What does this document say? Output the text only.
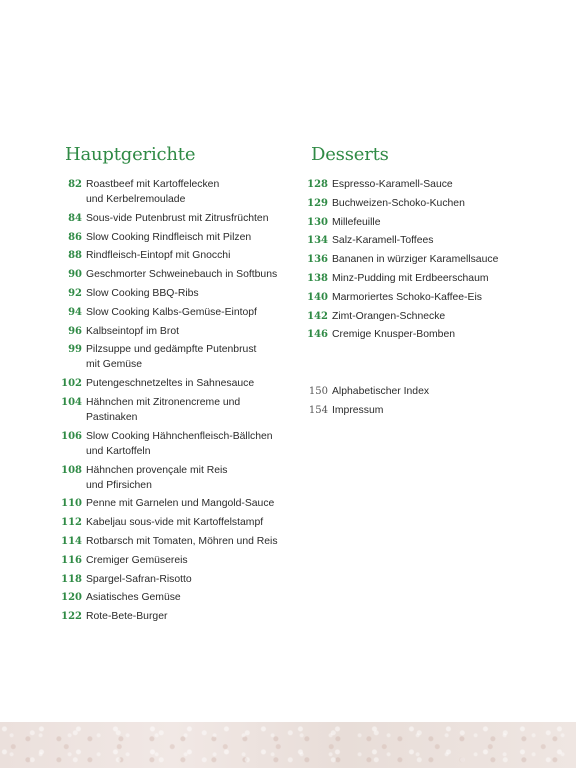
Hauptgerichte	Desserts
82 Roastbeef mit Kartoffelecken
und Kerbelremoulade
84 Sous-vide Putenbrust mit Zitrusfrüchten
86 Slow Cooking Rindfleisch mit Pilzen
88 Rindfleisch-Eintopf mit Gnocchi
90 Geschmorter Schweinebauch in Softbuns
92 Slow Cooking BBQ-Ribs
94 Slow Cooking Kalbs-Gemüse-Eintopf
96 Kalbseintopf im Brot
99 Pilzsuppe und gedämpfte Putenbrust
mit Gemüse
102 Putengeschnetzeltes in Sahnesauce
104 Hähnchen mit Zitronencreme und
Pastinaken
106 Slow Cooking Hähnchenfleisch-Bällchen
und Kartoffeln
108 Hähnchen provençale mit Reis
und Pfirsichen
110 Penne mit Garnelen und Mangold-Sauce
112 Kabeljau sous-vide mit Kartoffelstampf
114 Rotbarsch mit Tomaten, Möhren und Reis
116 Cremiger Gemüsereis
118 Spargel-Safran-Risotto
120 Asiatisches Gemüse
122 Rote-Bete-Burger
128 Espresso-Karamell-Sauce
129 Buchweizen-Schoko-Kuchen
130 Millefeuille
134 Salz-Karamell-Toffees
136 Bananen in würziger Karamellsauce
138 Minz-Pudding mit Erdbeerschaum
140 Marmoriertes Schoko-Kaffee-Eis
142 Zimt-Orangen-Schnecke
146 Cremige Knusper-Bomben
150 Alphabetischer Index
154 Impressum
